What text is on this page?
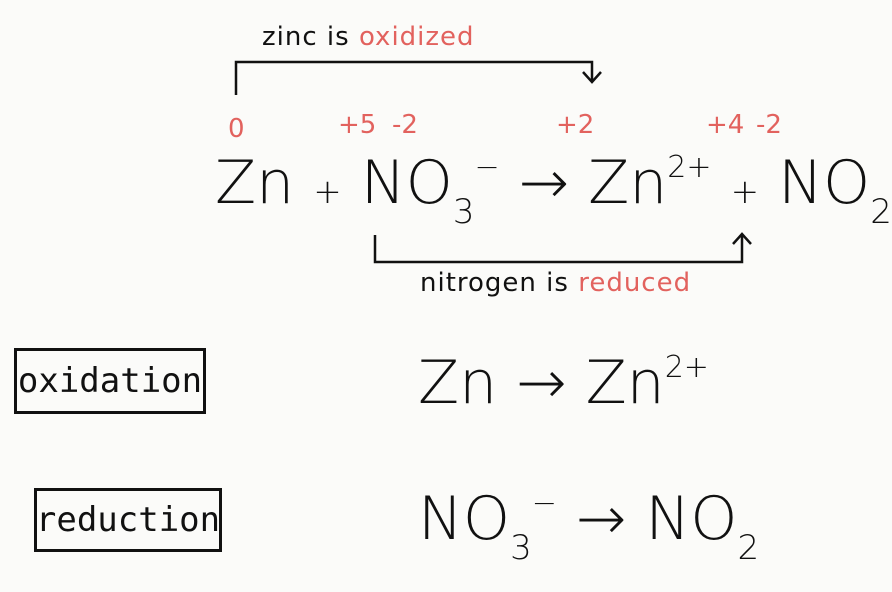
zinc is oxidized
0	+5 -2	+2	+4 -2
$Zn + NO_3^- \to Zn^{2+} + NO_2$
nitrogen is reduced
oxidation	$Zn \to Zn^{2+}$
reduction	$NO_3^- \to NO_2$
